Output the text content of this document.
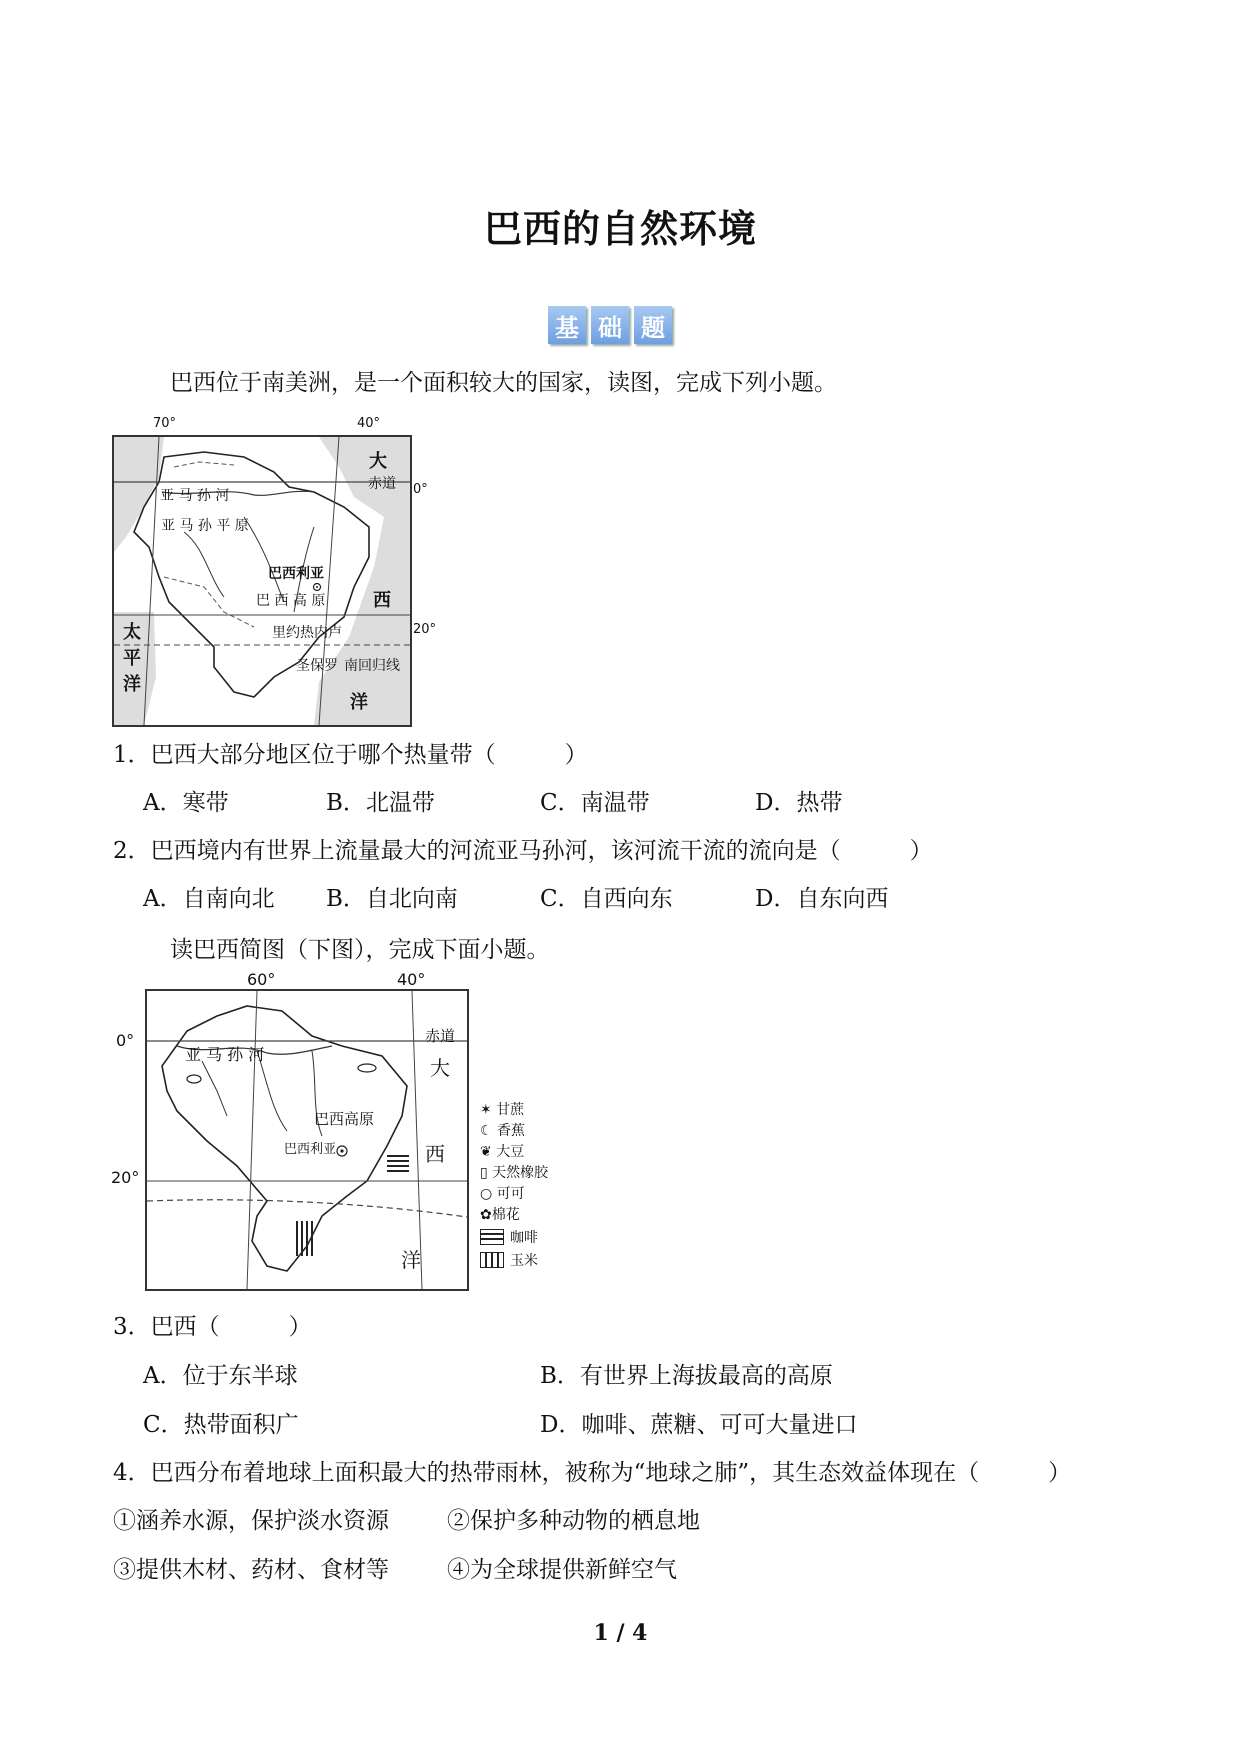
巴西的自然环境
基 础 题
巴西位于南美洲，是一个面积较大的国家，读图，完成下列小题。
70°	40°
亚 马 孙 河
亚 马 孙 平 原
巴西利亚
巴 西 高 原
里约热内卢
圣保罗 南回归线
赤道 0°
20°
大
西
洋
太
平
洋
1．巴西大部分地区位于哪个热量带（　　　）
A．寒带	B．北温带	C．南温带	D．热带
2．巴西境内有世界上流量最大的河流亚马孙河，该河流干流的流向是（　　　）
A．自南向北 B．自北向南	C．自西向东	D．自东向西
读巴西简图（下图），完成下面小题。
60°	40°
0°
20°
赤道
亚 马 孙 河
巴西高原
巴西利亚
大
西
洋
✶ 甘蔗
☾ 香蕉
❦ 大豆
▯ 天然橡胶
○ 可可
✿棉花
咖啡
玉米
3．巴西（　　　）
A．位于东半球	B．有世界上海拔最高的高原
C．热带面积广	D．咖啡、蔗糖、可可大量进口
4．巴西分布着地球上面积最大的热带雨林，被称为“地球之肺”，其生态效益体现在（　　　）
①涵养水源，保护淡水资源	②保护多种动物的栖息地
③提供木材、药材、食材等	④为全球提供新鲜空气
1 / 4
